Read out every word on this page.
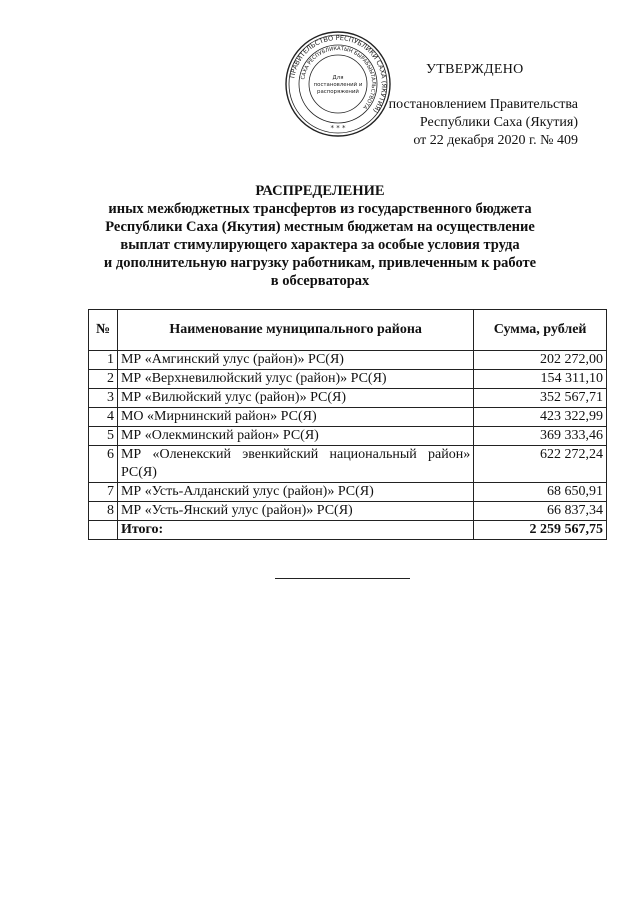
ПРАВИТЕЛЬСТВО РЕСПУБЛИКИ САХА (ЯКУТИЯ)
САХА РЕСПУБЛИКАТЫН БЫРАБЫЫТАЛЬСТВОТА
Для
постановлений и
распоряжений
* * *
УТВЕРЖДЕНО
постановлением Правительства
Республики Саха (Якутия)
от 22 декабря 2020 г. № 409
РАСПРЕДЕЛЕНИЕ
иных межбюджетных трансфертов из государственного бюджета
Республики Саха (Якутия) местным бюджетам на осуществление
выплат стимулирующего характера за особые условия труда
и дополнительную нагрузку работникам, привлеченным к работе
в обсерваторах
№	Наименование муниципального района	Сумма, рублей
1	МР «Амгинский улус (район)» РС(Я)	202 272,00
2	МР «Верхневилюйский улус (район)» РС(Я)	154 311,10
3	МР «Вилюйский улус (район)» РС(Я)	352 567,71
4	МО «Мирнинский район» РС(Я)	423 322,99
5	МР «Олекминский район» РС(Я)	369 333,46
6	МР «Оленекский эвенкийский национальный район» РС(Я)	622 272,24
7	МР «Усть-Алданский улус (район)» РС(Я)	68 650,91
8	МР «Усть-Янский улус (район)» РС(Я)	66 837,34
	Итого:	2 259 567,75
